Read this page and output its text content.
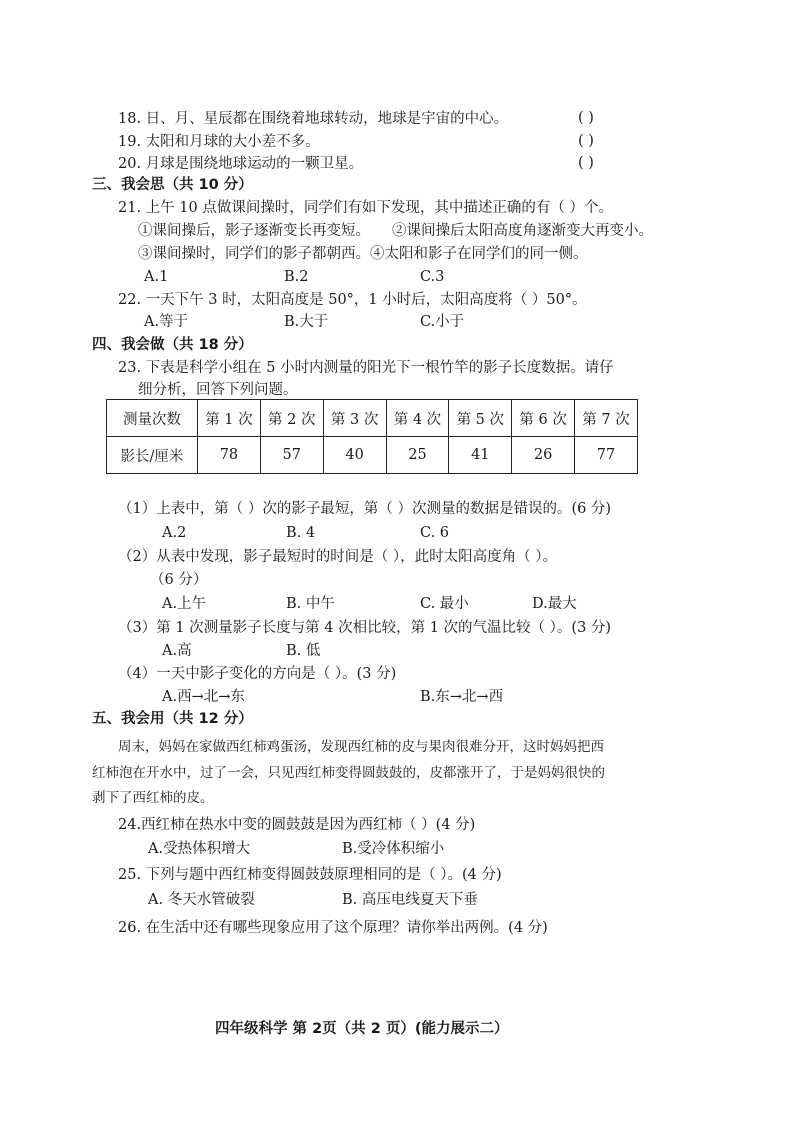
18. 日、月、星辰都在围绕着地球转动，地球是宇宙的中心。	( )
19. 太阳和月球的大小差不多。	( )
20. 月球是围绕地球运动的一颗卫星。	( )
三、我会思（共 10 分）
21. 上午 10 点做课间操时，同学们有如下发现，其中描述正确的有（ ）个。
①课间操后，影子逐渐变长再变短。 ②课间操后太阳高度角逐渐变大再变小。
③课间操时，同学们的影子都朝西。④太阳和影子在同学们的同一侧。
A.1	B.2	C.3
22. 一天下午 3 时，太阳高度是 50°，1 小时后，太阳高度将（ ）50°。
A.等于	B.大于	C.小于
四、我会做（共 18 分）
23. 下表是科学小组在 5 小时内测量的阳光下一根竹竿的影子长度数据。请仔
细分析，回答下列问题。
测量次数	第 1 次	第 2 次	第 3 次	第 4 次	第 5 次	第 6 次	第 7 次
影长/厘米	78	57	40	25	41	26	77
（1）上表中，第（ ）次的影子最短，第（ ）次测量的数据是错误的。(6 分)
A.2	B. 4	C. 6
（2）从表中发现，影子最短时的时间是（ ），此时太阳高度角（ ）。
（6 分）
A.上午	B. 中午	C. 最小	D.最大
（3）第 1 次测量影子长度与第 4 次相比较，第 1 次的气温比较（ ）。(3 分)
A.高	B. 低
（4）一天中影子变化的方向是（ ）。(3 分)
A.西→北→东	B.东→北→西
五、我会用（共 12 分）
周末，妈妈在家做西红柿鸡蛋汤，发现西红柿的皮与果肉很难分开，这时妈妈把西
红柿泡在开水中，过了一会，只见西红柿变得圆鼓鼓的，皮都涨开了，于是妈妈很快的
剥下了西红柿的皮。
24.西红柿在热水中变的圆鼓鼓是因为西红柿（ ）(4 分)
A.受热体积增大	B.受冷体积缩小
25. 下列与题中西红柿变得圆鼓鼓原理相同的是（ ）。(4 分)
A. 冬天水管破裂	B. 高压电线夏天下垂
26. 在生活中还有哪些现象应用了这个原理？请你举出两例。(4 分)
四年级科学 第 2页（共 2 页）(能力展示二）
